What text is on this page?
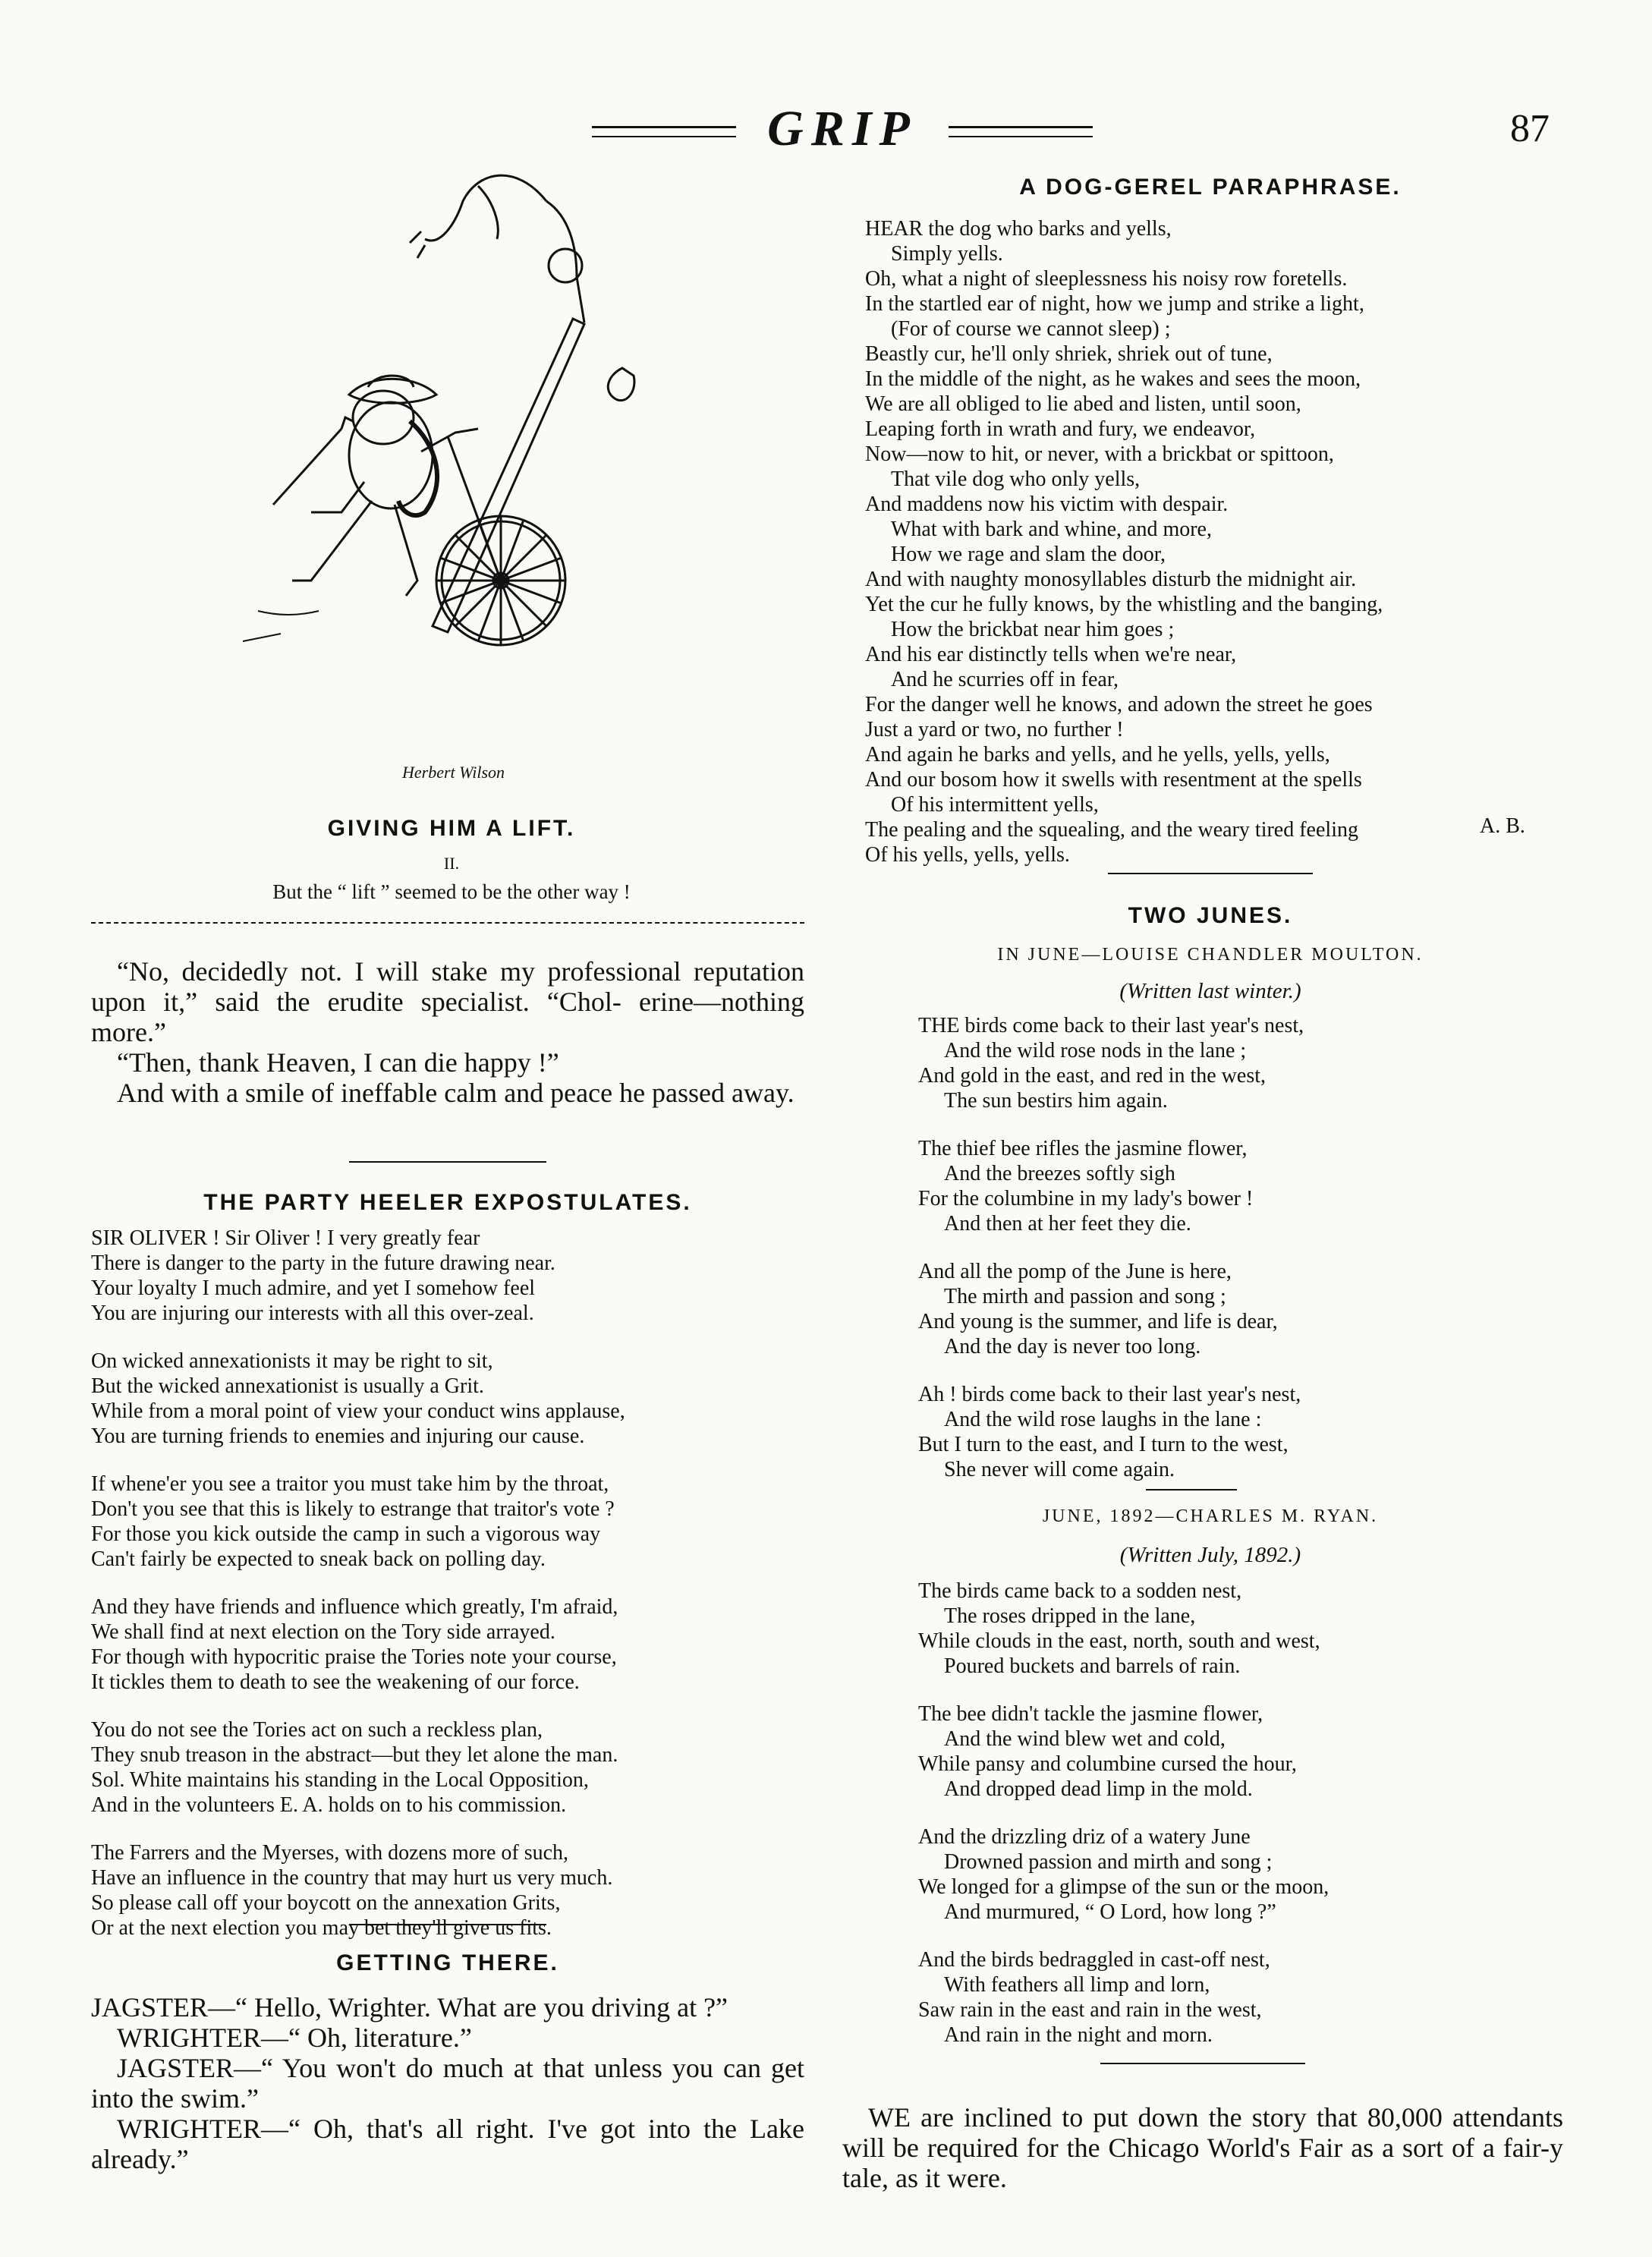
GRIP	87
Herbert Wilson
GIVING HIM A LIFT.
II.
But the “ lift ” seemed to be the other way !

“No, decidedly not. I will stake my professional reputation upon it,” said the erudite specialist. “Chol- erine—nothing more.”

“Then, thank Heaven, I can die happy !”

And with a smile of ineffable calm and peace he passed away.

THE PARTY HEELER EXPOSTULATES.
SIR OLIVER ! Sir Oliver ! I very greatly fear
There is danger to the party in the future drawing near.
Your loyalty I much admire, and yet I somehow feel
You are injuring our interests with all this over-zeal.
On wicked annexationists it may be right to sit,
But the wicked annexationist is usually a Grit.
While from a moral point of view your conduct wins applause,
You are turning friends to enemies and injuring our cause.
If whene'er you see a traitor you must take him by the throat,
Don't you see that this is likely to estrange that traitor's vote ?
For those you kick outside the camp in such a vigorous way
Can't fairly be expected to sneak back on polling day.
And they have friends and influence which greatly, I'm afraid,
We shall find at next election on the Tory side arrayed.
For though with hypocritic praise the Tories note your course,
It tickles them to death to see the weakening of our force.
You do not see the Tories act on such a reckless plan,
They snub treason in the abstract—but they let alone the man.
Sol. White maintains his standing in the Local Opposition,
And in the volunteers E. A. holds on to his commission.
The Farrers and the Myerses, with dozens more of such,
Have an influence in the country that may hurt us very much.
So please call off your boycott on the annexation Grits,
Or at the next election you may bet they'll give us fits.
GETTING THERE.

JAGSTER—“ Hello, Wrighter. What are you driving at ?”

WRIGHTER—“ Oh, literature.”

JAGSTER—“ You won't do much at that unless you can get into the swim.”

WRIGHTER—“ Oh, that's all right. I've got into the Lake already.”

A DOG-GEREL PARAPHRASE.
HEAR the dog who barks and yells,
Simply yells.
Oh, what a night of sleeplessness his noisy row foretells.
In the startled ear of night, how we jump and strike a light,
(For of course we cannot sleep) ;
Beastly cur, he'll only shriek, shriek out of tune,
In the middle of the night, as he wakes and sees the moon,
We are all obliged to lie abed and listen, until soon,
Leaping forth in wrath and fury, we endeavor,
Now—now to hit, or never, with a brickbat or spittoon,
That vile dog who only yells,
And maddens now his victim with despair.
What with bark and whine, and more,
How we rage and slam the door,
And with naughty monosyllables disturb the midnight air.
Yet the cur he fully knows, by the whistling and the banging,
How the brickbat near him goes ;
And his ear distinctly tells when we're near,
And he scurries off in fear,
For the danger well he knows, and adown the street he goes
Just a yard or two, no further !
And again he barks and yells, and he yells, yells, yells,
And our bosom how it swells with resentment at the spells
Of his intermittent yells,
The pealing and the squealing, and the weary tired feeling
Of his yells, yells, yells.
A. B.
TWO JUNES.
IN JUNE—LOUISE CHANDLER MOULTON.
(Written last winter.)
THE birds come back to their last year's nest,
And the wild rose nods in the lane ;
And gold in the east, and red in the west,
The sun bestirs him again.
The thief bee rifles the jasmine flower,
And the breezes softly sigh
For the columbine in my lady's bower !
And then at her feet they die.
And all the pomp of the June is here,
The mirth and passion and song ;
And young is the summer, and life is dear,
And the day is never too long.
Ah ! birds come back to their last year's nest,
And the wild rose laughs in the lane :
But I turn to the east, and I turn to the west,
She never will come again.
JUNE, 1892—CHARLES M. RYAN.
(Written July, 1892.)
The birds came back to a sodden nest,
The roses dripped in the lane,
While clouds in the east, north, south and west,
Poured buckets and barrels of rain.
The bee didn't tackle the jasmine flower,
And the wind blew wet and cold,
While pansy and columbine cursed the hour,
And dropped dead limp in the mold.
And the drizzling driz of a watery June
Drowned passion and mirth and song ;
We longed for a glimpse of the sun or the moon,
And murmured, “ O Lord, how long ?”
And the birds bedraggled in cast-off nest,
With feathers all limp and lorn,
Saw rain in the east and rain in the west,
And rain in the night and morn.

WE are inclined to put down the story that 80,000 attendants will be required for the Chicago World's Fair as a sort of a fair-y tale, as it were.
